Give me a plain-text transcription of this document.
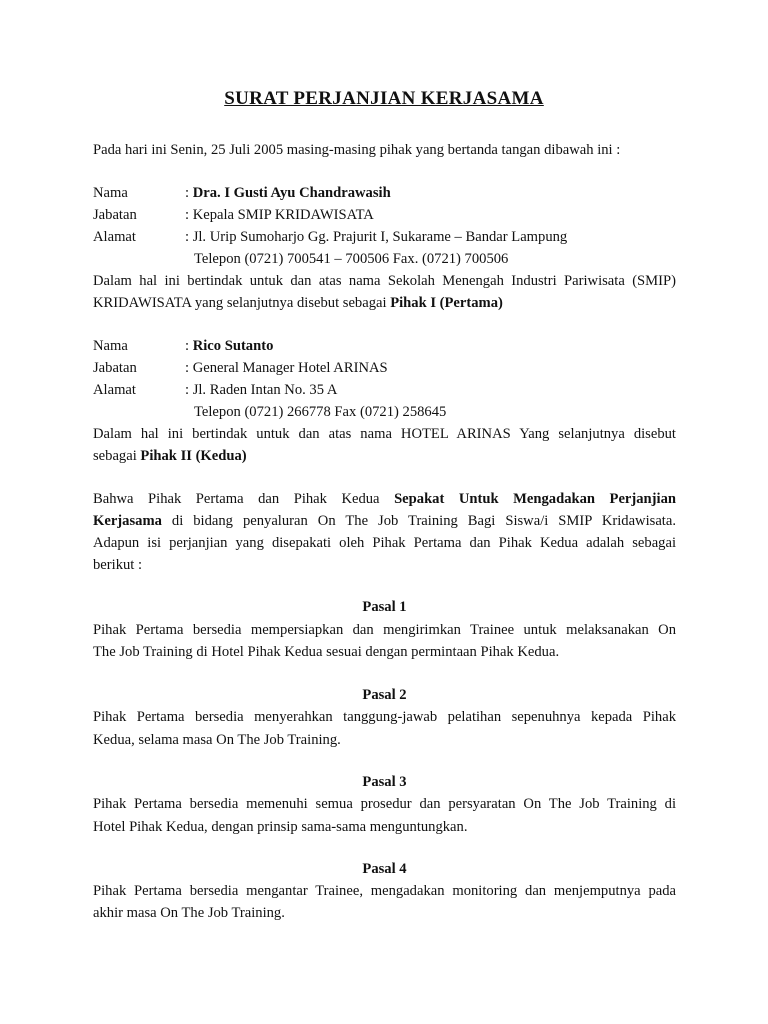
SURAT PERJANJIAN KERJASAMA
Pada hari ini Senin, 25 Juli 2005 masing-masing pihak yang bertanda tangan dibawah ini :
Nama	: Dra. I Gusti Ayu Chandrawasih
Jabatan	: Kepala SMIP KRIDAWISATA
Alamat	: Jl. Urip Sumoharjo Gg. Prajurit I, Sukarame – Bandar Lampung
Telepon (0721) 700541 – 700506 Fax. (0721) 700506
Dalam hal ini bertindak untuk dan atas nama Sekolah Menengah Industri Pariwisata (SMIP)
KRIDAWISATA yang selanjutnya disebut sebagai Pihak I (Pertama)
Nama	: Rico Sutanto
Jabatan	: General Manager Hotel ARINAS
Alamat	: Jl. Raden Intan No. 35 A
Telepon (0721) 266778 Fax (0721) 258645
Dalam hal ini bertindak untuk dan atas nama HOTEL ARINAS Yang selanjutnya disebut
sebagai Pihak II (Kedua)
Bahwa Pihak Pertama dan Pihak Kedua Sepakat Untuk Mengadakan Perjanjian
Kerjasama di bidang penyaluran On The Job Training Bagi Siswa/i SMIP Kridawisata.
Adapun isi perjanjian yang disepakati oleh Pihak Pertama dan Pihak Kedua adalah sebagai
berikut :
Pasal 1
Pihak Pertama bersedia mempersiapkan dan mengirimkan Trainee untuk melaksanakan On
The Job Training di Hotel Pihak Kedua sesuai dengan permintaan Pihak Kedua.
Pasal 2
Pihak Pertama bersedia menyerahkan tanggung-jawab pelatihan sepenuhnya kepada Pihak
Kedua, selama masa On The Job Training.
Pasal 3
Pihak Pertama bersedia memenuhi semua prosedur dan persyaratan On The Job Training di
Hotel Pihak Kedua, dengan prinsip sama-sama menguntungkan.
Pasal 4
Pihak Pertama bersedia mengantar Trainee, mengadakan monitoring dan menjemputnya pada
akhir masa On The Job Training.
